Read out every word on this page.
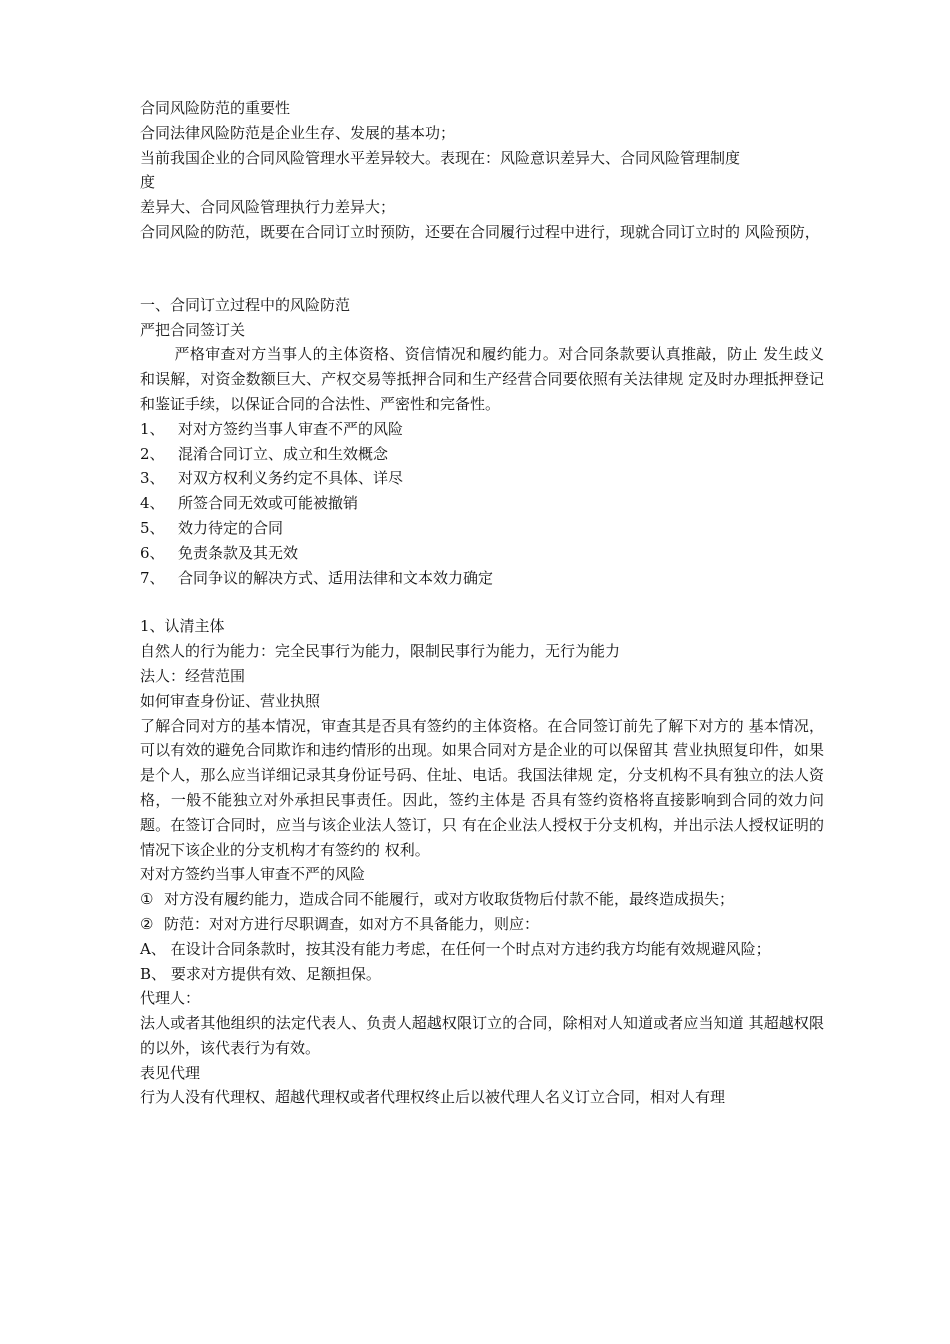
合同风险防范的重要性
合同法律风险防范是企业生存、发展的基本功；
当前我国企业的合同风险管理水平差异较大。表现在：风险意识差异大、合同风险管理制度
度
差异大、合同风险管理执行力差异大；
合同风险的防范，既要在合同订立时预防，还要在合同履行过程中进行，现就合同订立时的 风险预防，
一、合同订立过程中的风险防范
严把合同签订关
严格审查对方当事人的主体资格、资信情况和履约能力。对合同条款要认真推敲，防止 发生歧义和误解，对资金数额巨大、产权交易等抵押合同和生产经营合同要依照有关法律规 定及时办理抵押登记和鉴证手续，以保证合同的合法性、严密性和完备性。
1、 对对方签约当事人审查不严的风险
2、 混淆合同订立、成立和生效概念
3、 对双方权利义务约定不具体、详尽
4、 所签合同无效或可能被撤销
5、 效力待定的合同
6、 免责条款及其无效
7、 合同争议的解决方式、适用法律和文本效力确定
1、认清主体
自然人的行为能力：完全民事行为能力，限制民事行为能力，无行为能力
法人：经营范围
如何审查身份证、营业执照
了解合同对方的基本情况，审查其是否具有签约的主体资格。在合同签订前先了解下对方的 基本情况，可以有效的避免合同欺诈和违约情形的出现。如果合同对方是企业的可以保留其 营业执照复印件，如果是个人，那么应当详细记录其身份证号码、住址、电话。我国法律规 定，分支机构不具有独立的法人资格，一般不能独立对外承担民事责任。因此，签约主体是 否具有签约资格将直接影响到合同的效力问题。在签订合同时，应当与该企业法人签订，只 有在企业法人授权于分支机构，并出示法人授权证明的情况下该企业的分支机构才有签约的 权利。
对对方签约当事人审查不严的风险
① 对方没有履约能力，造成合同不能履行，或对方收取货物后付款不能，最终造成损失；
② 防范：对对方进行尽职调查，如对方不具备能力，则应：
A、 在设计合同条款时，按其没有能力考虑，在任何一个时点对方违约我方均能有效规避风险；
B、 要求对方提供有效、足额担保。
代理人：
法人或者其他组织的法定代表人、负责人超越权限订立的合同，除相对人知道或者应当知道 其超越权限的以外，该代表行为有效。
表见代理
行为人没有代理权、超越代理权或者代理权终止后以被代理人名义订立合同，相对人有理
